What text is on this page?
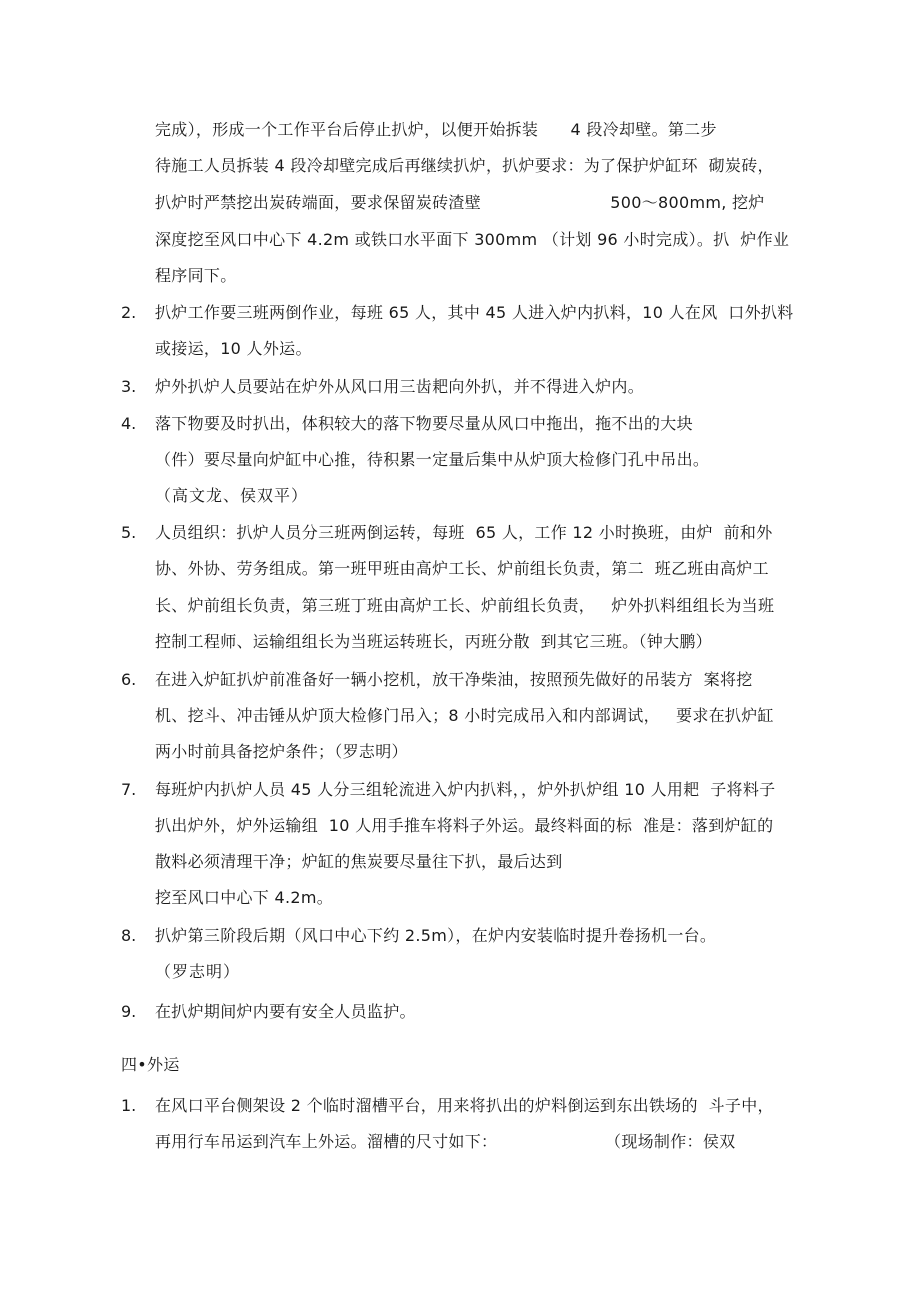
完成），形成一个工作平台后停止扒炉，以便开始拆装      4 段冷却壁。第二步
待施工人员拆装 4 段冷却壁完成后再继续扒炉，扒炉要求：为了保护炉缸环  砌炭砖，
扒炉时严禁挖出炭砖端面，要求保留炭砖渣壁                        500～800mm, 挖炉
深度挖至风口中心下 4.2m 或铁口水平面下 300mm （计划 96 小时完成）。扒  炉作业
程序同下。
2. 扒炉工作要三班两倒作业，每班 65 人，其中 45 人进入炉内扒料，10 人在风  口外扒料
或接运，10 人外运。
3. 炉外扒炉人员要站在炉外从风口用三齿耙向外扒，并不得进入炉内。
4. 落下物要及时扒出，体积较大的落下物要尽量从风口中拖出，拖不出的大块
（件）要尽量向炉缸中心推，待积累一定量后集中从炉顶大检修门孔中吊出。
（高文龙、侯双平）
5. 人员组织：扒炉人员分三班两倒运转，每班  65 人，工作 12 小时换班，由炉  前和外
协、外协、劳务组成。第一班甲班由高炉工长、炉前组长负责，第二  班乙班由高炉工
长、炉前组长负责，第三班丁班由高炉工长、炉前组长负责，   炉外扒料组组长为当班
控制工程师、运输组组长为当班运转班长，丙班分散  到其它三班。（钟大鹏）
6. 在进入炉缸扒炉前准备好一辆小挖机，放干净柴油，按照预先做好的吊装方  案将挖
机、挖斗、冲击锤从炉顶大检修门吊入；8 小时完成吊入和内部调试，   要求在扒炉缸
两小时前具备挖炉条件；（罗志明）
7. 每班炉内扒炉人员 45 人分三组轮流进入炉内扒料，，炉外扒炉组 10 人用耙  子将料子
扒出炉外，炉外运输组  10 人用手推车将料子外运。最终料面的标  准是：落到炉缸的
散料必须清理干净；炉缸的焦炭要尽量往下扒，最后达到
挖至风口中心下 4.2m。
8. 扒炉第三阶段后期（风口中心下约 2.5m），在炉内安装临时提升卷扬机一台。
（罗志明）
9. 在扒炉期间炉内要有安全人员监护。
四•外运
1. 在风口平台侧架设 2 个临时溜槽平台，用来将扒出的炉料倒运到东出铁场的  斗子中，
再用行车吊运到汽车上外运。溜槽的尺寸如下：                    （现场制作：侯双
